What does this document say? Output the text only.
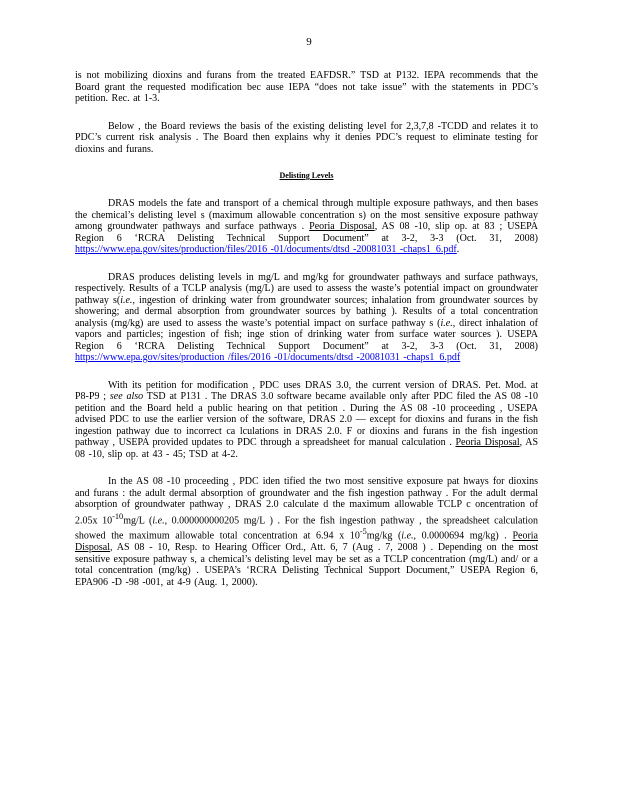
9

is not mobilizing dioxins and furans from the treated EAFDSR.” TSD at P132. IEPA recommends that the Board grant the requested modification bec ause IEPA “does not take issue” with the statements in PDC’s petition. Rec. at 1-3.

Below , the Board reviews the basis of the existing delisting level for 2,3,7,8 -TCDD and relates it to PDC’s current risk analysis . The Board then explains why it denies PDC’s request to eliminate testing for dioxins and furans.

Delisting Levels

DRAS models the fate and transport of a chemical through multiple exposure pathways, and then bases the chemical’s delisting level s (maximum allowable concentration s) on the most sensitive exposure pathway among groundwater pathways and surface pathways . Peoria Disposal, AS 08 -10, slip op. at 83 ; USEPA Region 6 ‘RCRA Delisting Technical Support Document” at 3-2, 3-3 (Oct. 31, 2008) https://www.epa.gov/sites/production/files/2016 -01/documents/dtsd -20081031 -chaps1_6.pdf.

DRAS produces delisting levels in mg/L and mg/kg for groundwater pathways and surface pathways, respectively. Results of a TCLP analysis (mg/L) are used to assess the waste’s potential impact on groundwater pathway s(i.e., ingestion of drinking water from groundwater sources; inhalation from groundwater sources by showering; and dermal absorption from groundwater sources by bathing ). Results of a total concentration analysis (mg/kg) are used to assess the waste’s potential impact on surface pathway s (i.e., direct inhalation of vapors and particles; ingestion of fish; inge stion of drinking water from surface water sources ). USEPA Region 6 ‘RCRA Delisting Technical Support Document” at 3-2, 3-3 (Oct. 31, 2008) https://www.epa.gov/sites/production /files/2016 -01/documents/dtsd -20081031 -chaps1_6.pdf

With its petition for modification , PDC uses DRAS 3.0, the current version of DRAS. Pet. Mod. at P8-P9 ; see also TSD at P131 . The DRAS 3.0 software became available only after PDC filed the AS 08 -10 petition and the Board held a public hearing on that petition . During the AS 08 -10 proceeding , USEPA advised PDC to use the earlier version of the software, DRAS 2.0 — except for dioxins and furans in the fish ingestion pathway due to incorrect ca lculations in DRAS 2.0. F or dioxins and furans in the fish ingestion pathway , USEPA provided updates to PDC through a spreadsheet for manual calculation . Peoria Disposal, AS 08 -10, slip op. at 43 - 45; TSD at 4-2.

In the AS 08 -10 proceeding , PDC iden tified the two most sensitive exposure pat hways for dioxins and furans : the adult dermal absorption of groundwater and the fish ingestion pathway . For the adult dermal absorption of groundwater pathway , DRAS 2.0 calculate d the maximum allowable TCLP c oncentration of 2.05x $10^{-10}mg/L$ (i.e., 0.000000000205 mg/L ) . For the fish ingestion pathway , the spreadsheet calculation showed the maximum allowable total concentration at 6.94 x $10^{-5}mg/kg$ (i.e., 0.0000694 mg/kg) . Peoria Disposal, AS 08 - 10, Resp. to Hearing Officer Ord., Att. 6, 7 (Aug . 7, 2008 ) . Depending on the most sensitive exposure pathway s, a chemical’s delisting level may be set as a TCLP concentration (mg/L) and/ or a total concentration (mg/kg) . USEPA’s ‘RCRA Delisting Technical Support Document,” USEPA Region 6, EPA906 -D -98 -001, at 4-9 (Aug. 1, 2000).
